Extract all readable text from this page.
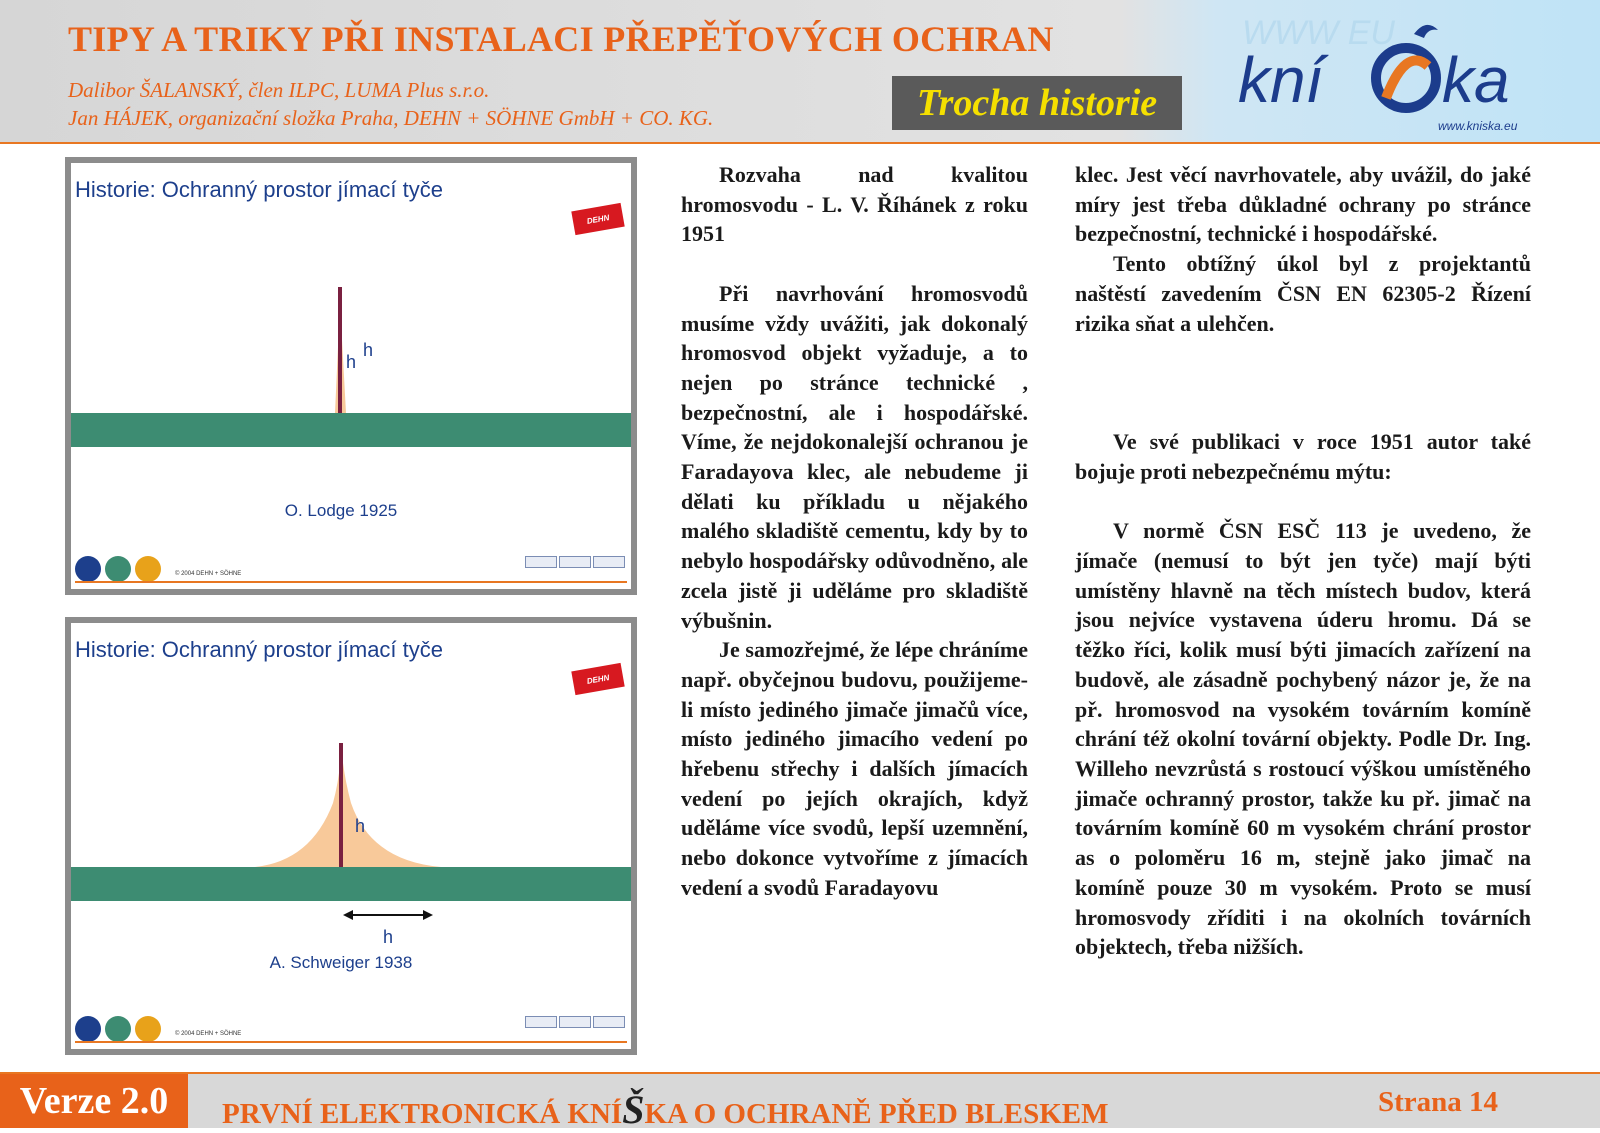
TIPY A TRIKY PŘI INSTALACI PŘEPĚŤOVÝCH OCHRAN
Dalibor ŠALANSKÝ, člen ILPC, LUMA Plus s.r.o.
Jan HÁJEK, organizační složka Praha, DEHN + SÖHNE GmbH + CO. KG.	Trocha historie
WWW EU
kní ka
www.kniska.eu
Historie: Ochranný prostor jímací tyče
DEHN
h
h
O. Lodge 1925
© 2004 DEHN + SÖHNE
Historie: Ochranný prostor jímací tyče
DEHN
h
h
A. Schweiger 1938
© 2004 DEHN + SÖHNE

Rozvaha nad kvalitou hromosvodu - L. V. Říhánek z roku 1951

Při navrhování hromosvodů musíme vždy uvážiti, jak dokonalý hromosvod objekt vyžaduje, a to nejen po stránce technické , bezpečnostní, ale i hospodářské. Víme, že nejdokonalejší ochranou je Faradayova klec, ale nebudeme ji dělati ku příkladu u nějakého malého skladiště cementu, kdy by to nebylo hospodářsky odůvodněno, ale zcela jistě ji uděláme pro skladiště výbušnin.

Je samozřejmé, že lépe chráníme např. obyčejnou budovu, použijeme-li místo jediného jimače jimačů více, místo jediného jimacího vedení po hřebenu střechy i dalších jímacích vedení po jejích okrajích, když uděláme více svodů, lepší uzemnění, nebo dokonce vytvoříme z jímacích vedení a svodů Faradayovu

klec. Jest věcí navrhovatele, aby uvážil, do jaké míry jest třeba důkladné ochrany po stránce bezpečnostní, technické i hospodářské.

Tento obtížný úkol byl z projektantů naštěstí zavedením ČSN EN 62305-2 Řízení rizika sňat a ulehčen.

Ve své publikaci v roce 1951 autor také bojuje proti nebezpečnému mýtu:

V normě ČSN ESČ 113 je uvedeno, že jímače (nemusí to být jen tyče) mají býti umístěny hlavně na těch místech budov, která jsou nejvíce vystavena úderu hromu. Dá se těžko říci, kolik musí býti jimacích zařízení na budově, ale zásadně pochybený názor je, že na př. hromosvod na vysokém továrním komíně chrání též okolní tovární objekty. Podle Dr. Ing. Willeho nevzrůstá s rostoucí výškou umístěného jimače ochranný prostor, takže ku př. jimač na továrním komíně 60 m vysokém chrání prostor as o poloměru 16 m, stejně jako jimač na komíně pouze 30 m vysokém. Proto se musí hromosvody zříditi i na okolních továrních objektech, třeba nižších.

Verze 2.0	PRVNÍ ELEKTRONICKÁ KNÍŠKA O OCHRANĚ PŘED BLESKEM	Strana 14
